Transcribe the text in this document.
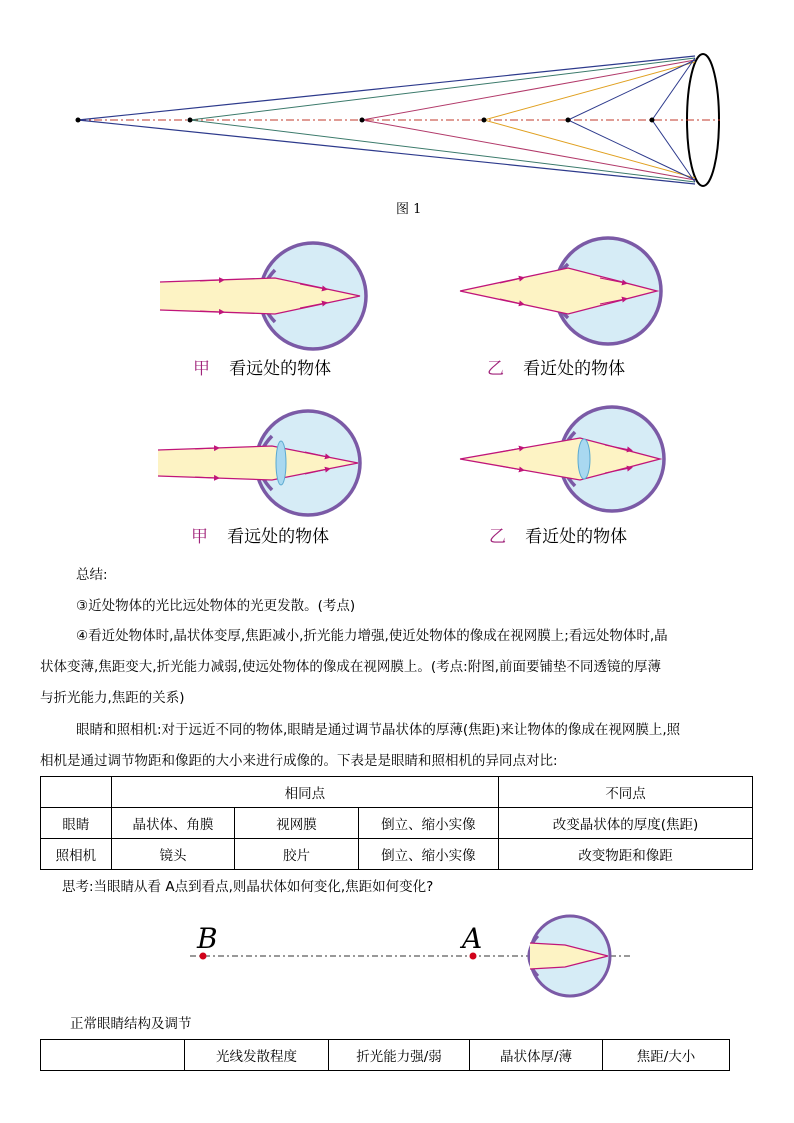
图 1
甲 看远处的物体	乙 看近处的物体
甲 看远处的物体	乙 看近处的物体
总结:
③近处物体的光比远处物体的光更发散。(考点)
④看近处物体时,晶状体变厚,焦距减小,折光能力增强,使近处物体的像成在视网膜上;看远处物体时,晶
状体变薄,焦距变大,折光能力减弱,使远处物体的像成在视网膜上。(考点:附图,前面要铺垫不同透镜的厚薄
与折光能力,焦距的关系)
眼睛和照相机:对于远近不同的物体,眼睛是通过调节晶状体的厚薄(焦距)来让物体的像成在视网膜上,照
相机是通过调节物距和像距的大小来进行成像的。下表是是眼睛和照相机的异同点对比:
	相同点			不同点
眼睛	晶状体、角膜	视网膜	倒立、缩小实像	改变晶状体的厚度(焦距)
照相机	镜头	胶片	倒立、缩小实像	改变物距和像距
思考:当眼睛从看 A点到看点,则晶状体如何变化,焦距如何变化?
B	A
正常眼睛结构及调节
	光线发散程度	折光能力强/弱	晶状体厚/薄	焦距/大小
